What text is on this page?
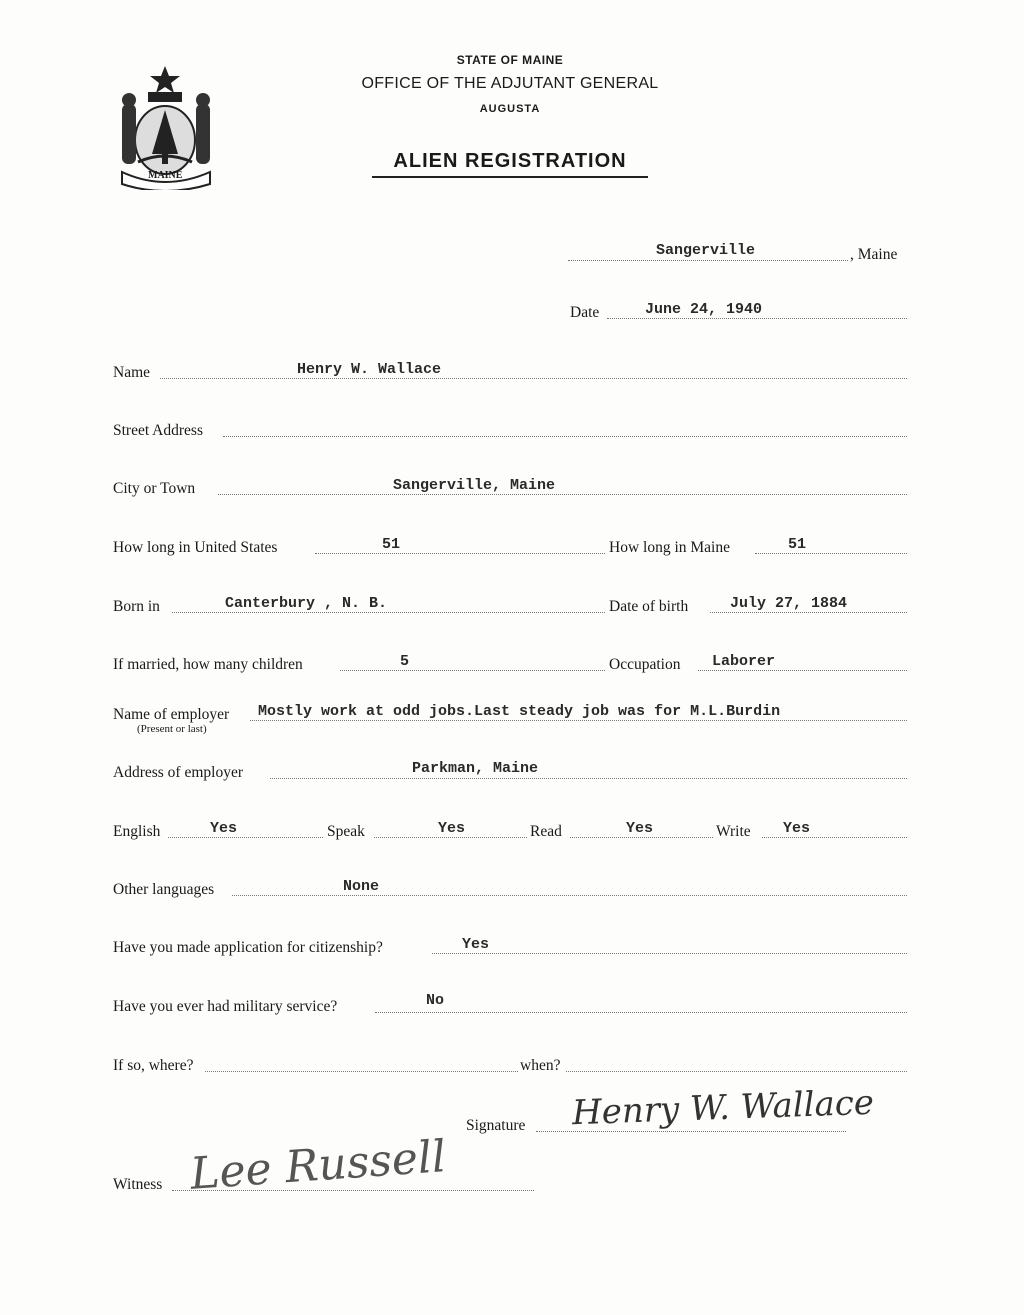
MAINE
STATE OF MAINE
OFFICE OF THE ADJUTANT GENERAL
AUGUSTA
ALIEN REGISTRATION
Sangerville	, Maine
Date	June 24, 1940
Name	Henry W. Wallace
Street Address
City or Town	Sangerville, Maine
How long in United States	51	How long in Maine	51
Born in	Canterbury , N. B.	Date of birth	July 27, 1884
If married, how many children	5	Occupation Laborer
Name of employer
(Present or last)
Mostly work at odd jobs.Last steady job was for M.L.Burdin
Address of employer	Parkman, Maine
English	Yes	Speak	Yes	Read	Yes	Write Yes
Other languages	None
Have you made application for citizenship?	Yes
Have you ever had military service?	No
If so, where?	when?
Signature Henry W. Wallace
Witness Lee Russell
